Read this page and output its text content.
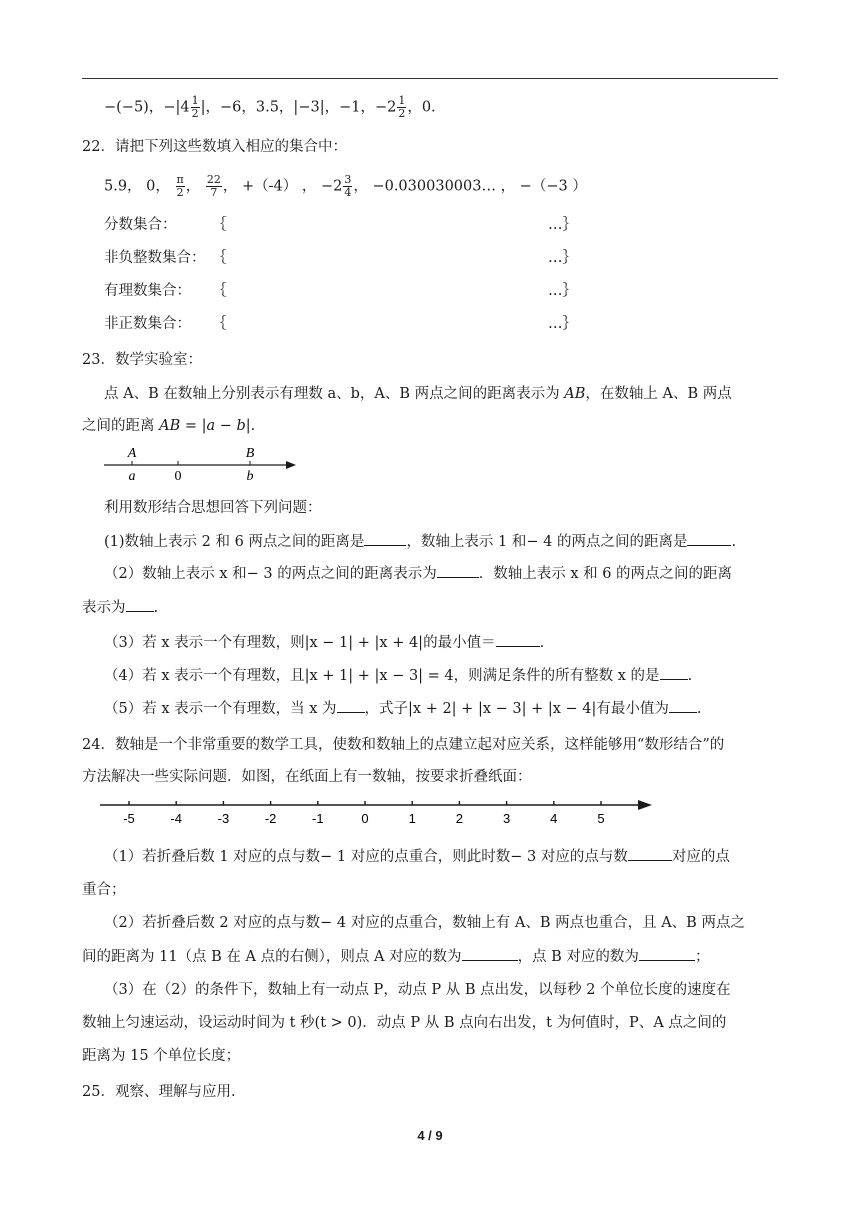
−(−5)，$-|4 \frac{1}{2}$ |，−6，3.5，|−3|，−1，$-2 \frac{1}{2}$ ，0.
22．请把下列这些数填入相应的集合中：
5.9， 0， $\frac{\pi}{2}$ ， $\frac{22}{7}$ ， +（-4） ， $-2 \frac{3}{4}$ ， −0.030030003… ， −（−3 ）
分数集合： ｛	…｝
非负整数集合： ｛	…｝
有理数集合： ｛	…｝
非正数集合： ｛	…｝
23．数学实验室：
点 A、B 在数轴上分别表示有理数 a、b，A、B 两点之间的距离表示为 AB，在数轴上 A、B 两点
之间的距离 AB = |a − b|.
A	B
a	0	b
利用数形结合思想回答下列问题：
(1)数轴上表示 2 和 6 两点之间的距离是	，数轴上表示 1 和− 4 的两点之间的距离是	.
（2）数轴上表示 x 和− 3 的两点之间的距离表示为	．数轴上表示 x 和 6 的两点之间的距离
表示为 .
（3）若 x 表示一个有理数，则|x − 1| + |x + 4|的最小值＝	.
（4）若 x 表示一个有理数，且|x + 1| + |x − 3| = 4，则满足条件的所有整数 x 的是 .
（5）若 x 表示一个有理数，当 x 为 ，式子|x + 2| + |x − 3| + |x − 4|有最小值为 .
24．数轴是一个非常重要的数学工具，使数和数轴上的点建立起对应关系，这样能够用“数形结合”的
方法解决一些实际问题．如图，在纸面上有一数轴，按要求折叠纸面：
-5	-4	-3	-2	-1	0	1	2	3	4	5
（1）若折叠后数 1 对应的点与数− 1 对应的点重合，则此时数− 3 对应的点与数	对应的点
重合；
（2）若折叠后数 2 对应的点与数− 4 对应的点重合，数轴上有 A、B 两点也重合，且 A、B 两点之
间的距离为 11（点 B 在 A 点的右侧），则点 A 对应的数为	，点 B 对应的数为	；
（3）在（2）的条件下，数轴上有一动点 P，动点 P 从 B 点出发，以每秒 2 个单位长度的速度在
数轴上匀速运动，设运动时间为 t 秒(t > 0)．动点 P 从 B 点向右出发，t 为何值时，P、A 点之间的
距离为 15 个单位长度；
25．观察、理解与应用.
4 / 9
